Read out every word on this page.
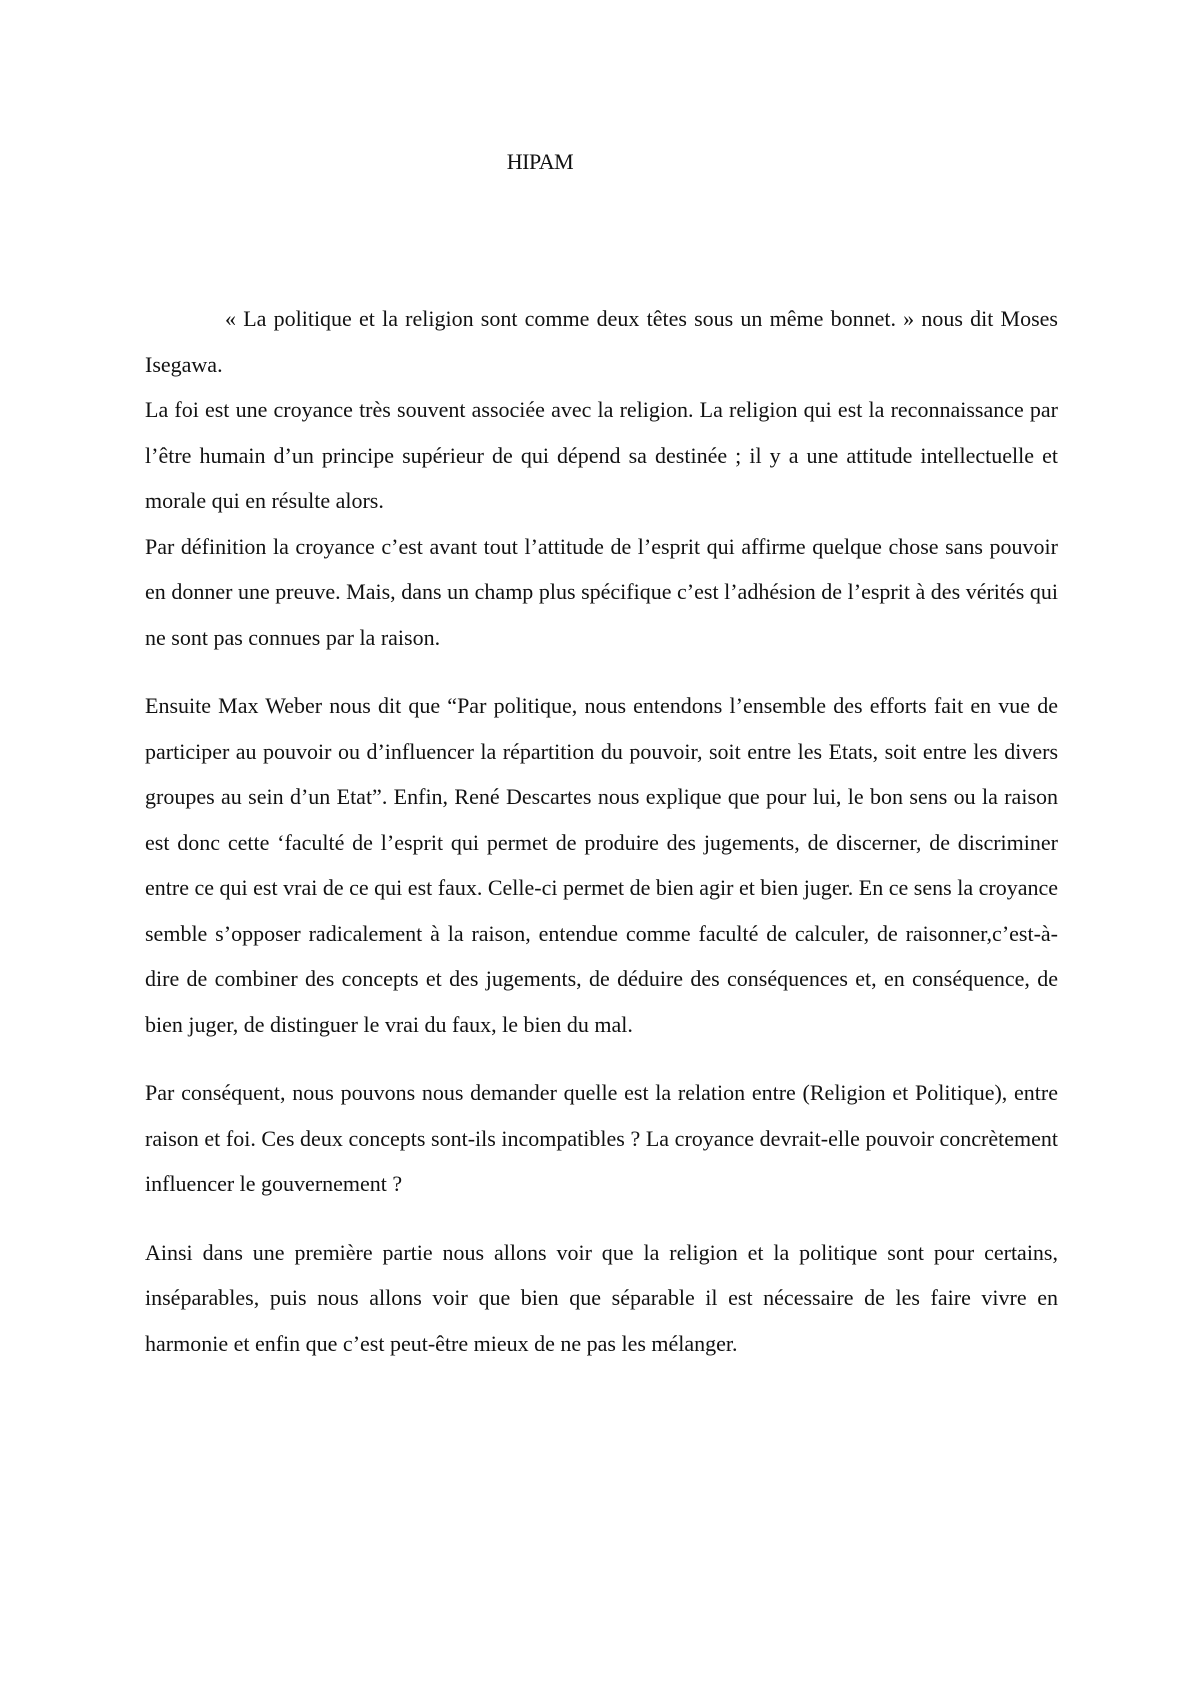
HIPAM

« La politique et la religion sont comme deux têtes sous un même bonnet. » nous dit Moses Isegawa.

La foi est une croyance très souvent associée avec la religion. La religion qui est la reconnaissance par l’être humain d’un principe supérieur de qui dépend sa destinée ; il y a une attitude intellectuelle et morale qui en résulte alors.

Par définition la croyance c’est avant tout l’attitude de l’esprit qui affirme quelque chose sans pouvoir en donner une preuve. Mais, dans un champ plus spécifique c’est l’adhésion de l’esprit à des vérités qui ne sont pas connues par la raison.

Ensuite Max Weber nous dit que “Par politique, nous entendons l’ensemble des efforts fait en vue de participer au pouvoir ou d’influencer la répartition du pouvoir, soit entre les Etats, soit entre les divers groupes au sein d’un Etat”. Enfin, René Descartes nous explique que pour lui, le bon sens ou la raison est donc cette ‘faculté de l’esprit qui permet de produire des jugements, de discerner, de discriminer entre ce qui est vrai de ce qui est faux. Celle-ci permet de bien agir et bien juger. En ce sens la croyance semble s’opposer radicalement à la raison, entendue comme faculté de calculer, de raisonner,c’est-à-dire de combiner des concepts et des jugements, de déduire des conséquences et, en conséquence, de bien juger, de distinguer le vrai du faux, le bien du mal.

Par conséquent, nous pouvons nous demander quelle est la relation entre (Religion et Politique), entre raison et foi. Ces deux concepts sont-ils incompatibles ? La croyance devrait-elle pouvoir concrètement influencer le gouvernement ?

Ainsi dans une première partie nous allons voir que la religion et la politique sont pour certains, inséparables, puis nous allons voir que bien que séparable il est nécessaire de les faire vivre en harmonie et enfin que c’est peut-être mieux de ne pas les mélanger.
